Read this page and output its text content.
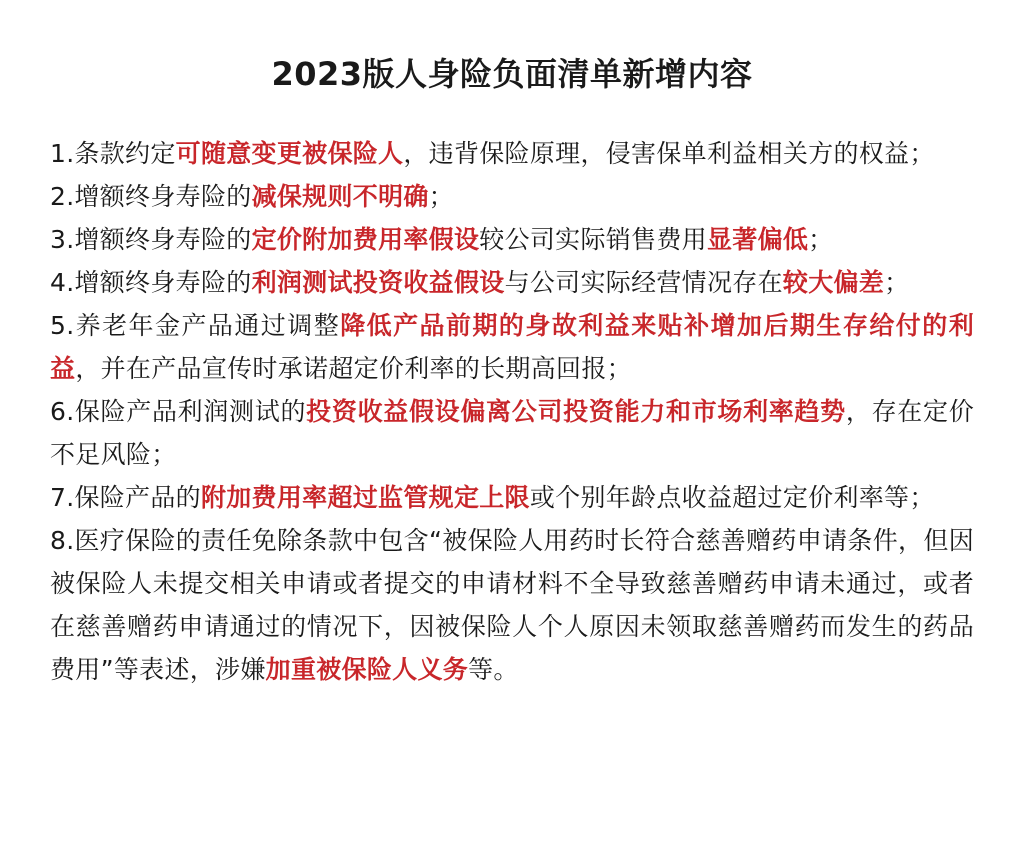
2023版人身险负面清单新增内容

1.条款约定可随意变更被保险人，违背保险原理，侵害保单利益相关方的权益；

2.增额终身寿险的减保规则不明确；

3.增额终身寿险的定价附加费用率假设较公司实际销售费用显著偏低；

4.增额终身寿险的利润测试投资收益假设与公司实际经营情况存在较大偏差；

5.养老年金产品通过调整降低产品前期的身故利益来贴补增加后期生存给付的利益，并在产品宣传时承诺超定价利率的长期高回报；

6.保险产品利润测试的投资收益假设偏离公司投资能力和市场利率趋势，存在定价不足风险；

7.保险产品的附加费用率超过监管规定上限或个别年龄点收益超过定价利率等；

8.医疗保险的责任免除条款中包含“被保险人用药时长符合慈善赠药申请条件，但因被保险人未提交相关申请或者提交的申请材料不全导致慈善赠药申请未通过，或者在慈善赠药申请通过的情况下，因被保险人个人原因未领取慈善赠药而发生的药品费用”等表述，涉嫌加重被保险人义务等。
